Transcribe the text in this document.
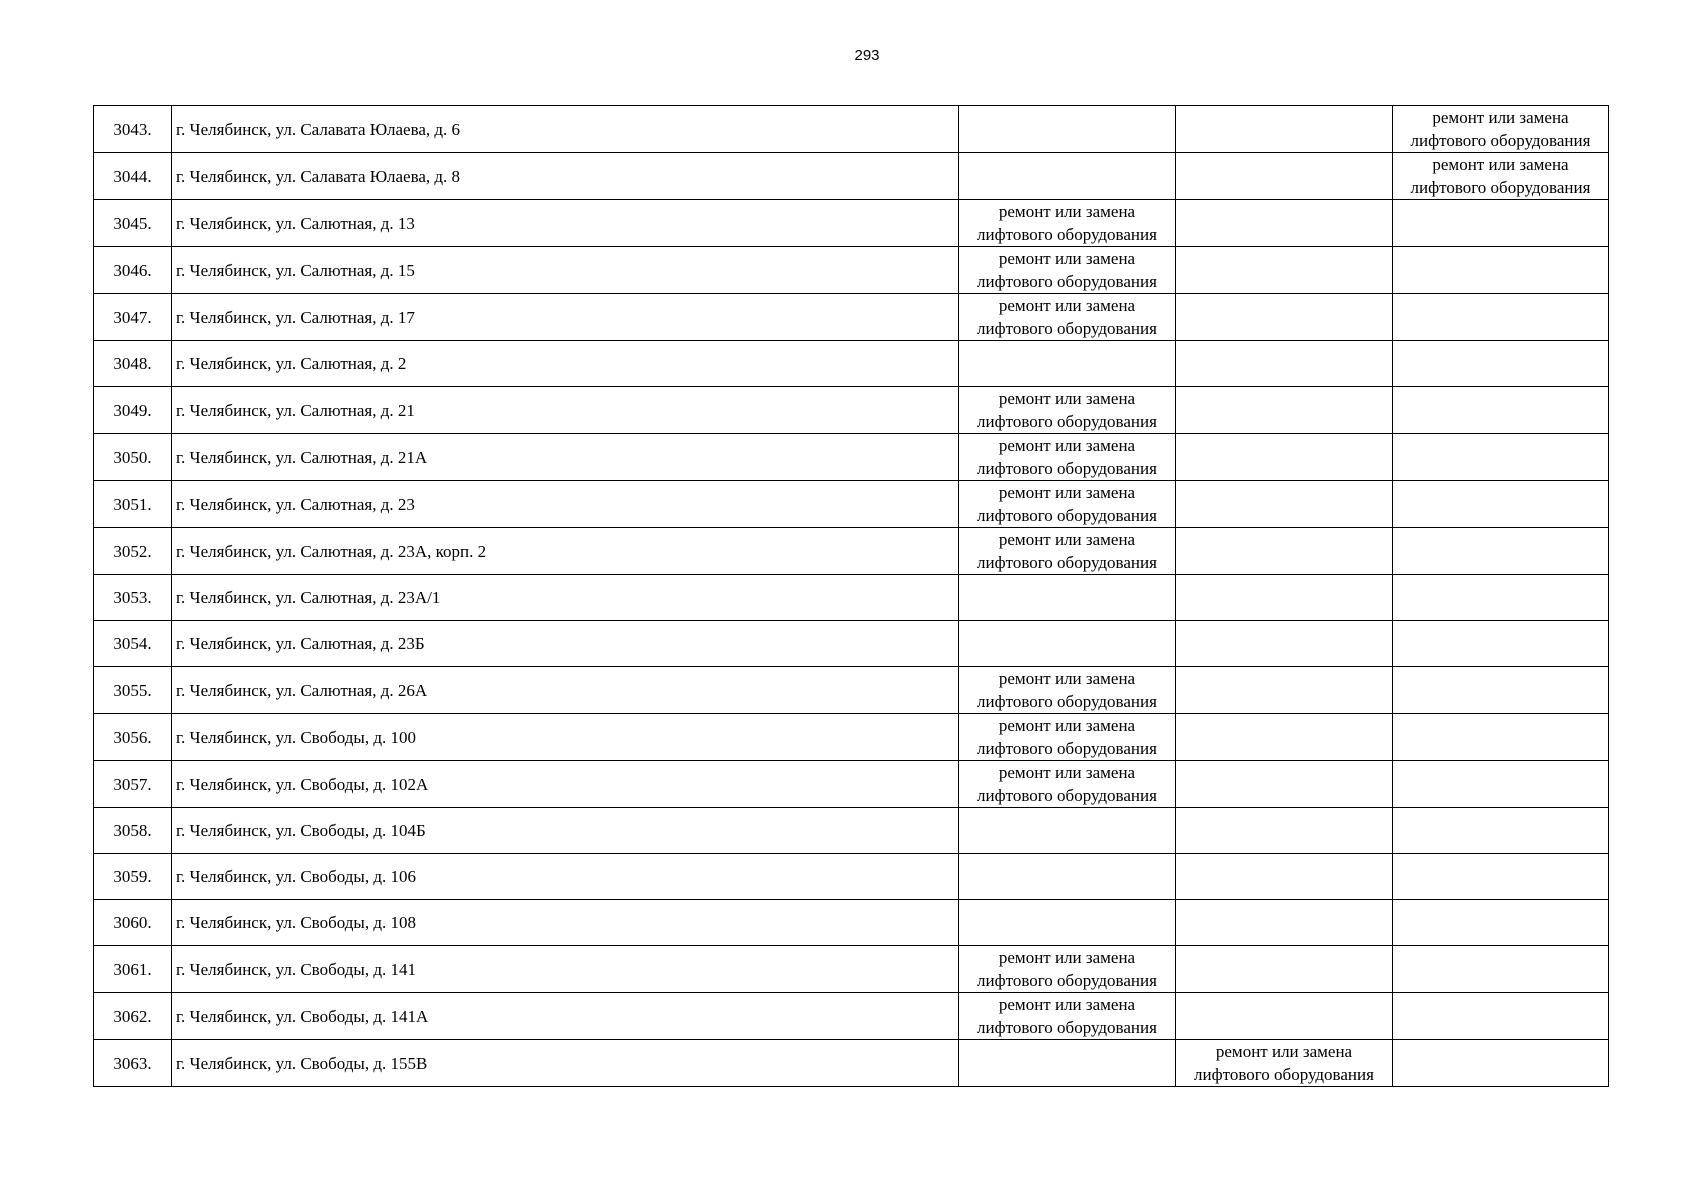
293
3043.	г. Челябинск, ул. Салавата Юлаева, д. 6			ремонт или замена лифтового оборудования
3044.	г. Челябинск, ул. Салавата Юлаева, д. 8			ремонт или замена лифтового оборудования
3045.	г. Челябинск, ул. Салютная, д. 13	ремонт или замена лифтового оборудования		
3046.	г. Челябинск, ул. Салютная, д. 15	ремонт или замена лифтового оборудования		
3047.	г. Челябинск, ул. Салютная, д. 17	ремонт или замена лифтового оборудования		
3048.	г. Челябинск, ул. Салютная, д. 2			
3049.	г. Челябинск, ул. Салютная, д. 21	ремонт или замена лифтового оборудования		
3050.	г. Челябинск, ул. Салютная, д. 21А	ремонт или замена лифтового оборудования		
3051.	г. Челябинск, ул. Салютная, д. 23	ремонт или замена лифтового оборудования		
3052.	г. Челябинск, ул. Салютная, д. 23А, корп. 2	ремонт или замена лифтового оборудования		
3053.	г. Челябинск, ул. Салютная, д. 23А/1			
3054.	г. Челябинск, ул. Салютная, д. 23Б			
3055.	г. Челябинск, ул. Салютная, д. 26А	ремонт или замена лифтового оборудования		
3056.	г. Челябинск, ул. Свободы, д. 100	ремонт или замена лифтового оборудования		
3057.	г. Челябинск, ул. Свободы, д. 102А	ремонт или замена лифтового оборудования		
3058.	г. Челябинск, ул. Свободы, д. 104Б			
3059.	г. Челябинск, ул. Свободы, д. 106			
3060.	г. Челябинск, ул. Свободы, д. 108			
3061.	г. Челябинск, ул. Свободы, д. 141	ремонт или замена лифтового оборудования		
3062.	г. Челябинск, ул. Свободы, д. 141А	ремонт или замена лифтового оборудования		
3063.	г. Челябинск, ул. Свободы, д. 155В		ремонт или замена лифтового оборудования	
